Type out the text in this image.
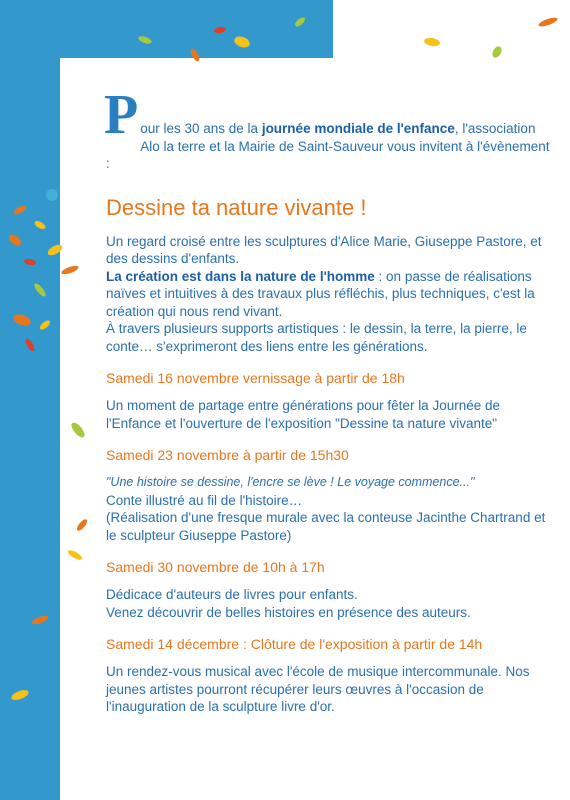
P our les 30 ans de la journée mondiale de l'enfance, l'association Alo la terre et la Mairie de Saint-Sauveur vous invitent à l'évènement :
Dessine ta nature vivante !

Un regard croisé entre les sculptures d'Alice Marie, Giuseppe Pastore, et des dessins d'enfants.

La création est dans la nature de l'homme : on passe de réalisations naïves et intuitives à des travaux plus réfléchis, plus techniques, c'est la création qui nous rend vivant.

À travers plusieurs supports artistiques : le dessin, la terre, la pierre, le conte… s'exprimeront des liens entre les générations.

Samedi 16 novembre vernissage à partir de 18h

Un moment de partage entre générations pour fêter la Journée de l'Enfance et l'ouverture de l'exposition "Dessine ta nature vivante"

Samedi 23 novembre à partir de 15h30

"Une histoire se dessine, l'encre se lève ! Le voyage commence..."

Conte illustré au fil de l'histoire…

(Réalisation d'une fresque murale avec la conteuse Jacinthe Chartrand et le sculpteur Giuseppe Pastore)

Samedi 30 novembre de 10h à 17h

Dédicace d'auteurs de livres pour enfants.

Venez découvrir de belles histoires en présence des auteurs.

Samedi 14 décembre : Clôture de l'exposition à partir de 14h

Un rendez-vous musical avec l'école de musique intercommunale. Nos jeunes artistes pourront récupérer leurs œuvres à l'occasion de l'inauguration de la sculpture livre d'or.
